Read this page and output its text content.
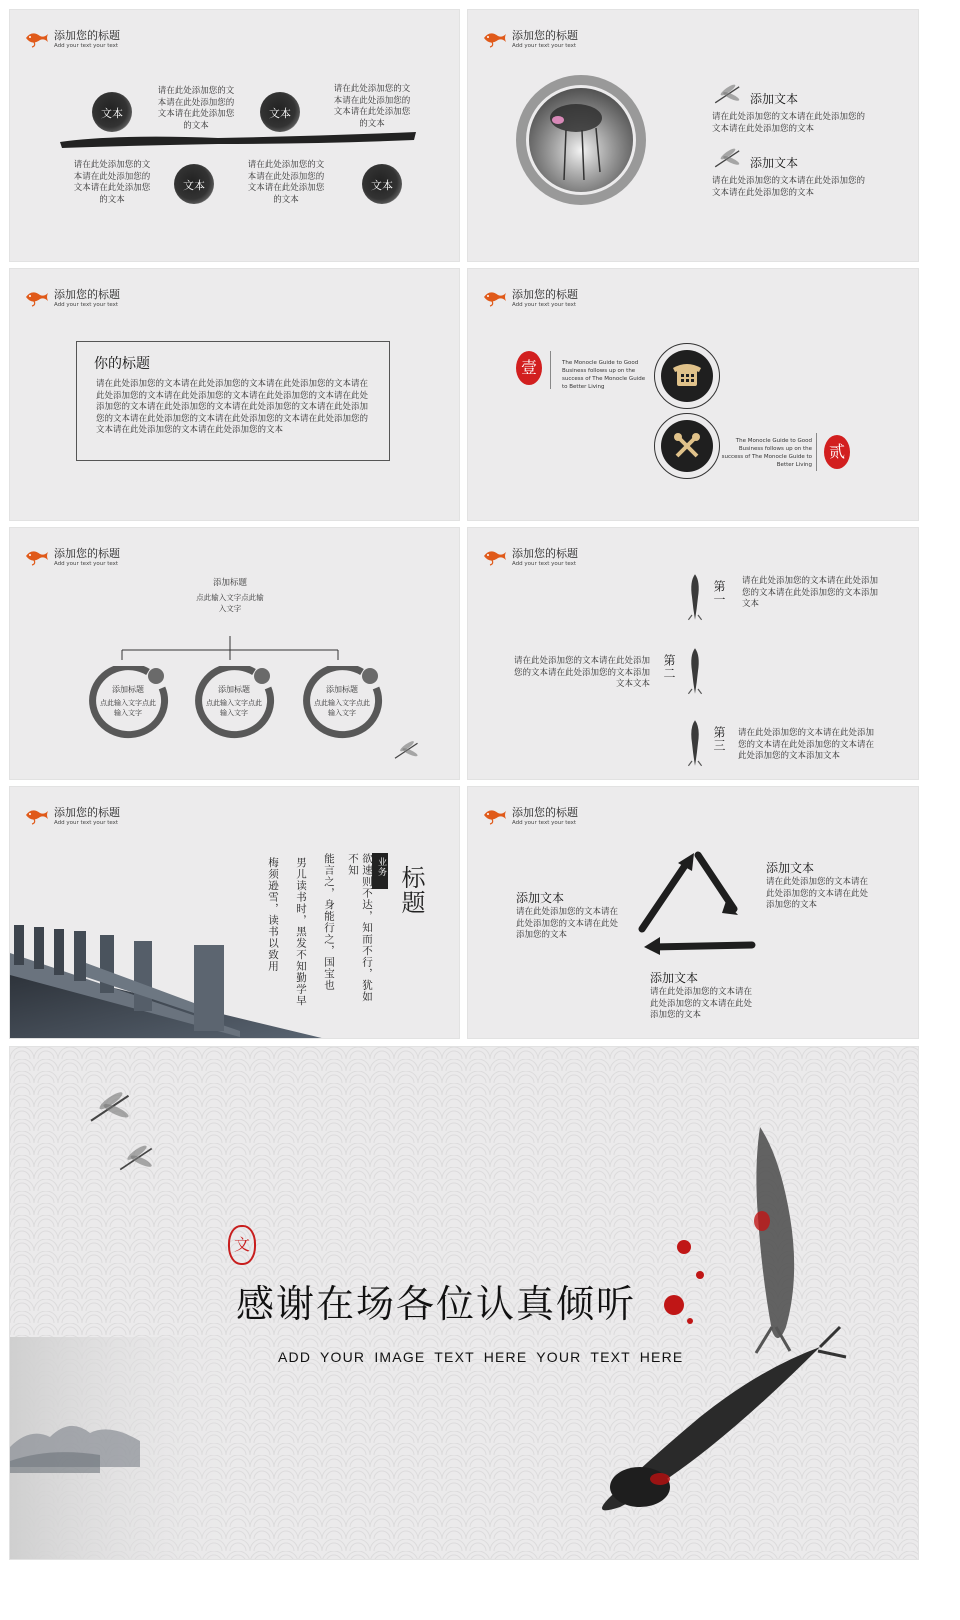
添加您的标题
Add your text your text
文本	文本
文本	文本
请在此处添加您的文本请在此处添加您的文本请在此处添加您的文本
请在此处添加您的文本请在此处添加您的文本请在此处添加您的文本
请在此处添加您的文本请在此处添加您的文本请在此处添加您的文本
请在此处添加您的文本请在此处添加您的文本请在此处添加您的文本
添加您的标题
Add your text your text
添加文本
请在此处添加您的文本请在此处添加您的文本请在此处添加您的文本
添加文本
请在此处添加您的文本请在此处添加您的文本请在此处添加您的文本
添加您的标题
Add your text your text
你的标题
请在此处添加您的文本请在此处添加您的文本请在此处添加您的文本请在此处添加您的文本请在此处添加您的文本请在此处添加您的文本请在此处添加您的文本请在此处添加您的文本请在此处添加您的文本请在此处添加您的文本请在此处添加您的文本请在此处添加您的文本请在此处添加您的文本请在此处添加您的文本请在此处添加您的文本
添加您的标题
Add your text your text
壹	The Monocle Guide to Good Business follows up on the success of The Monocle Guide to Better Living
The Monocle Guide to Good Business follows up on the success of The Monocle Guide to Better Living
贰
添加您的标题
Add your text your text
添加标题
点此输入文字点此输入文字
添加标题
点此输入文字点此输入文字
添加标题
点此输入文字点此输入文字
添加标题
点此输入文字点此输入文字
添加您的标题
Add your text your text
第一 请在此处添加您的文本请在此处添加您的文本请在此处添加您的文本添加文本
第二
请在此处添加您的文本请在此处添加您的文本请在此处添加您的文本添加文本文本
第三 请在此处添加您的文本请在此处添加您的文本请在此处添加您的文本请在此处添加您的文本添加文本
添加您的标题
Add your text your text
业务 标题
欲速则不达，知而不行，犹如不知
能言之，身能行之，国宝也
男儿读书时，黑发不知勤学早
梅须逊雪，读书以致用
添加您的标题
Add your text your text
添加文本
请在此处添加您的文本请在此处添加您的文本请在此处添加您的文本
添加文本
请在此处添加您的文本请在此处添加您的文本请在此处添加您的文本
添加文本
请在此处添加您的文本请在此处添加您的文本请在此处添加您的文本
文
感谢在场各位认真倾听
ADD YOUR IMAGE TEXT HERE YOUR TEXT HERE
